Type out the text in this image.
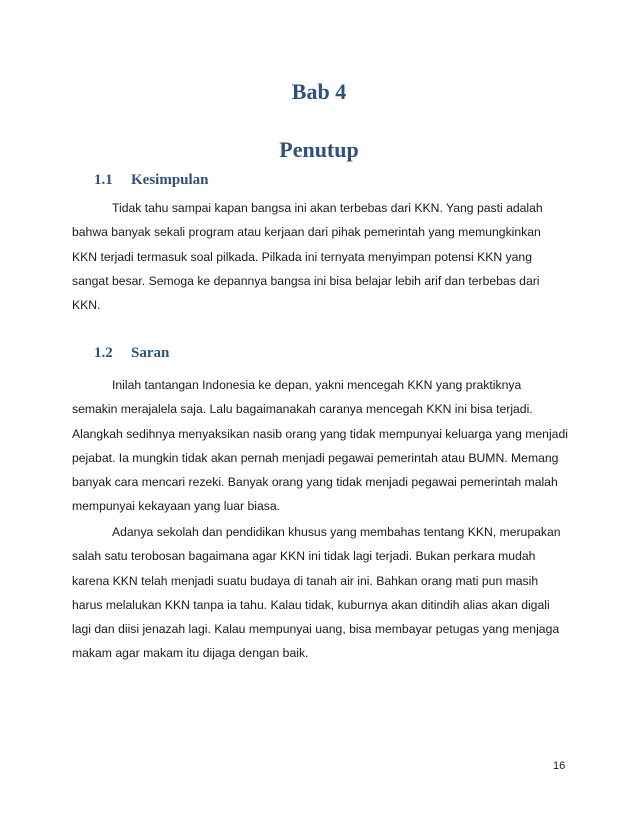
Bab 4
Penutup
1.1 Kesimpulan

Tidak tahu sampai kapan bangsa ini akan terbebas dari KKN. Yang pasti adalah bahwa banyak sekali program atau kerjaan dari pihak pemerintah yang memungkinkan KKN terjadi termasuk soal pilkada. Pilkada ini ternyata menyimpan potensi KKN yang sangat besar. Semoga ke depannya bangsa ini bisa belajar lebih arif dan terbebas dari KKN.

1.2 Saran

Inilah tantangan Indonesia ke depan, yakni mencegah KKN yang praktiknya semakin merajalela saja. Lalu bagaimanakah caranya mencegah KKN ini bisa terjadi. Alangkah sedihnya menyaksikan nasib orang yang tidak mempunyai keluarga yang menjadi pejabat. Ia mungkin tidak akan pernah menjadi pegawai pemerintah atau BUMN. Memang banyak cara mencari rezeki. Banyak orang yang tidak menjadi pegawai pemerintah malah mempunyai kekayaan yang luar biasa.

Adanya sekolah dan pendidikan khusus yang membahas tentang KKN, merupakan salah satu terobosan bagaimana agar KKN ini tidak lagi terjadi. Bukan perkara mudah karena KKN telah menjadi suatu budaya di tanah air ini. Bahkan orang mati pun masih harus melalukan KKN tanpa ia tahu. Kalau tidak, kuburnya akan ditindih alias akan digali lagi dan diisi jenazah lagi. Kalau mempunyai uang, bisa membayar petugas yang menjaga makam agar makam itu dijaga dengan baik.

16
